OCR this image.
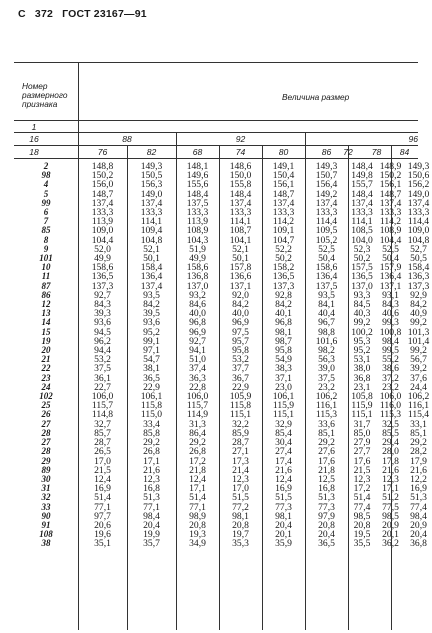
С 372 ГОСТ 23167—91
Номер размерного признака
Величина размер
1
16
18
88	92	96
76	82	68	74	80	86	72	78	84
2	148,8	149,3	148,1	148,6	149,1	149,3	148,4	148,9	149,3
98	150,2	150,5	149,6	150,0	150,4	150,7	149,8	150,2	150,6
4	156,0	156,3	155,6	155,8	156,1	156,4	155,7	156,1	156,2
5	148,7	149,0	148,4	148,4	148,7	149,2	148,4	148,7	149,0
99	137,4	137,4	137,5	137,4	137,4	137,4	137,4	137,4	137,4
6	133,3	133,3	133,3	133,3	133,3	133,3	133,3	133,3	133,3
7	113,9	114,1	113,9	114,1	114,2	114,4	114,1	114,2	114,4
85	109,0	109,4	108,9	108,7	109,1	109,5	108,5	108,9	109,0
8	104,4	104,8	104,3	104,1	104,7	105,2	104,0	104,4	104,8
9	52,0	52,1	51,9	52,1	52,2	52,5	52,3	52,5	52,7
101	49,9	50,1	49,9	50,1	50,2	50,4	50,2	50,4	50,5
10	158,6	158,4	158,6	157,8	158,2	158,6	157,5	157,9	158,4
11	136,5	136,4	136,8	136,6	136,5	136,4	136,5	136,4	136,3
87	137,3	137,4	137,0	137,1	137,3	137,5	137,0	137,1	137,3
86	92,7	93,5	93,2	92,0	92,8	93,5	93,3	93,1	92,9
12	84,3	84,2	84,6	84,2	84,2	84,1	84,5	84,3	84,2
13	39,3	39,5	40,0	40,0	40,1	40,4	40,3	40,6	40,9
14	93,6	93,6	96,8	96,9	96,8	96,7	99,2	99,3	99,2
15	94,5	95,2	96,9	97,5	98,1	98,8	100,2	100,8	101,3
19	96,2	99,1	92,7	95,7	98,7	101,6	95,3	98,4	101,4
20	94,4	97,1	94,1	95,8	95,8	98,2	95,2	99,5	99,2
21	53,2	54,7	51,0	53,2	54,9	56,3	53,1	55,2	56,7
22	37,5	38,1	37,4	37,7	38,3	39,0	38,0	38,6	39,2
23	36,1	36,5	36,3	36,7	37,1	37,5	36,8	37,2	37,6
24	22,7	22,9	22,8	22,9	23,0	23,2	23,1	23,2	24,4
102	106,0	106,1	106,0	105,9	106,1	106,2	105,8	106,0	106,2
25	115,7	115,8	115,7	115,8	115,9	116,1	115,9	116,0	116,1
26	114,8	115,0	114,9	115,1	115,1	115,3	115,1	115,3	115,4
27	32,7	33,4	31,3	32,2	32,9	33,6	31,7	32,5	33,1
28	85,7	85,8	86,4	85,9	85,4	85,1	85,0	85,5	85,1
27	28,7	29,2	29,2	28,7	30,4	29,2	27,9	29,4	29,2
28	26,5	26,8	26,8	27,1	27,4	27,6	27,7	28,0	28,2
29	17,0	17,1	17,2	17,3	17,4	17,6	17,6	17,8	17,9
89	21,5	21,6	21,8	21,4	21,6	21,8	21,5	21,6	21,6
30	12,4	12,3	12,4	12,3	12,4	12,5	12,3	12,3	12,2
31	16,9	16,8	17,1	17,0	16,9	16,8	17,2	17,1	16,9
32	51,4	51,3	51,4	51,5	51,5	51,3	51,4	51,2	51,3
33	77,1	77,1	77,1	77,2	77,3	77,3	77,4	77,5	77,4
90	97,7	98,4	98,9	98,1	98,1	97,9	98,5	98,5	98,4
91	20,6	20,4	20,8	20,8	20,4	20,8	20,8	20,9	20,9
108	19,6	19,9	19,3	19,7	20,1	20,4	19,5	20,1	20,4
38	35,1	35,7	34,9	35,3	35,9	36,5	35,5	36,2	36,8
